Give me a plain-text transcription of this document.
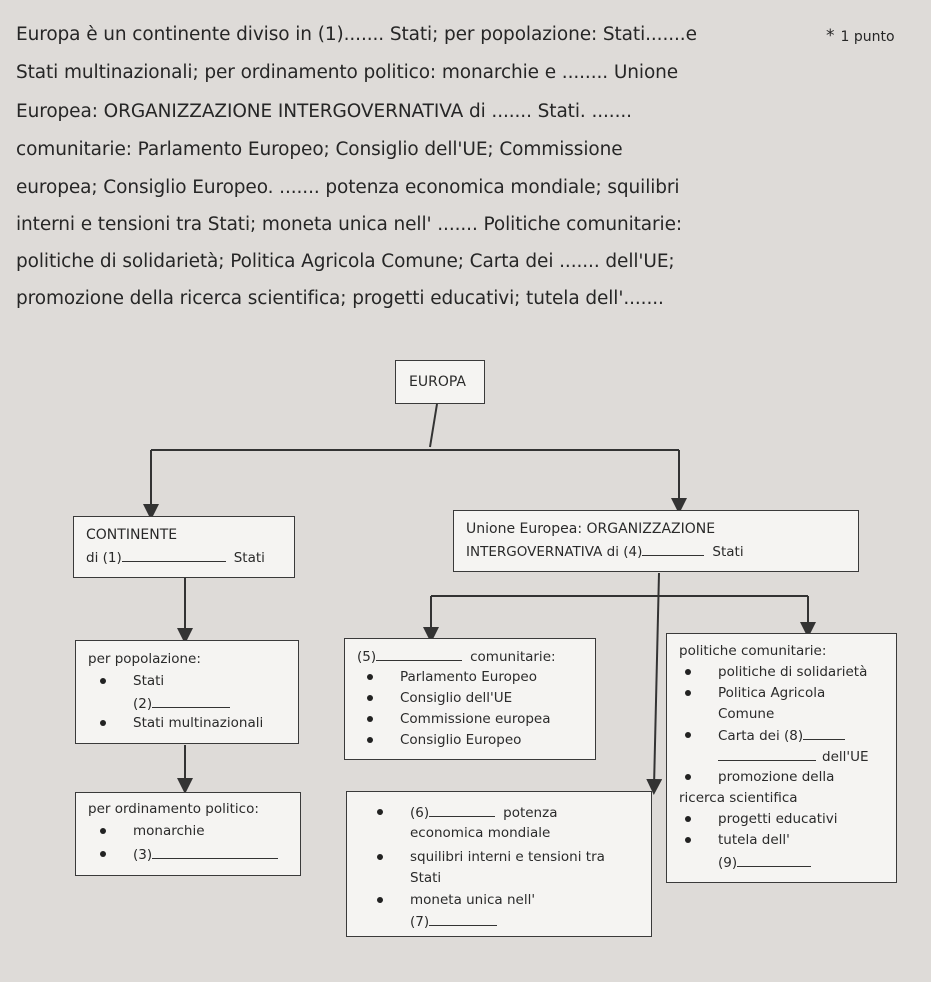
Europa è un continente diviso in (1)....... Stati; per popolazione: Stati.......e	* 1 punto
Stati multinazionali; per ordinamento politico: monarchie e ........ Unione
Europea: ORGANIZZAZIONE INTERGOVERNATIVA di ....... Stati. .......
comunitarie: Parlamento Europeo; Consiglio dell'UE; Commissione
europea; Consiglio Europeo. ....... potenza economica mondiale; squilibri
interni e tensioni tra Stati; moneta unica nell' ....... Politiche comunitarie:
politiche di solidarietà; Politica Agricola Comune; Carta dei ....... dell'UE;
promozione della ricerca scientifica; progetti educativi; tutela dell'.......
EUROPA
CONTINENTE
di (1)	Stati
Unione Europea: ORGANIZZAZIONE
INTERGOVERNATIVA di (4)	Stati
per popolazione:
Stati
(2)
Stati multinazionali
(5)	comunitarie:
Parlamento Europeo
Consiglio dell'UE
Commissione europea
Consiglio Europeo
politiche comunitarie:
politiche di solidarietà
Politica Agricola
Comune
Carta dei (8)
dell'UE
promozione della
ricerca scientifica
progetti educativi
tutela dell'
(9)
per ordinamento politico:
monarchie
(3)
(6)	potenza
economica mondiale
squilibri interni e tensioni tra
Stati
moneta unica nell'
(7)
